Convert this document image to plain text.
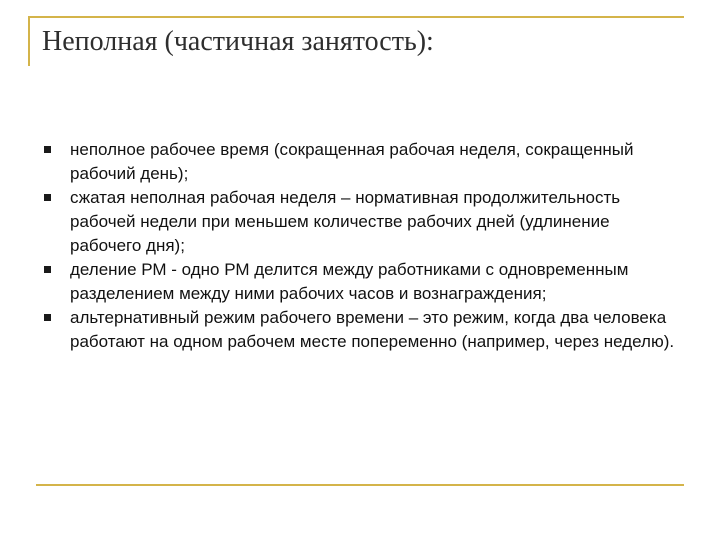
Неполная (частичная занятость):
неполное рабочее время (сокращенная рабочая неделя, сокращенный рабочий день);
сжатая неполная рабочая неделя – нормативная продолжительность рабочей недели при меньшем количестве рабочих дней (удлинение рабочего дня);
деление РМ - одно РМ делится между работниками с одновременным разделением между ними рабочих часов и вознаграждения;
альтернативный режим рабочего времени – это режим, когда два человека работают на одном рабочем месте попеременно (например, через неделю).
